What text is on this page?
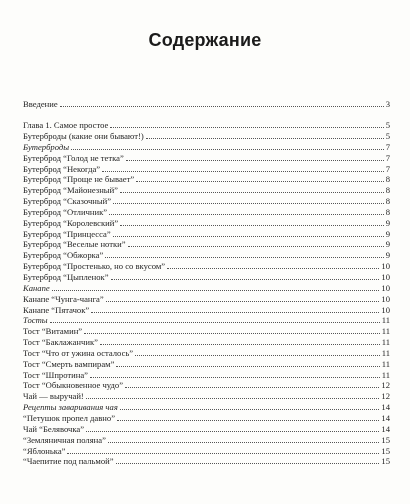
Содержание
Введение	3
Глава 1. Самое простое	5
Бутерброды (какие они бывают!)	5
Бутерброды	7
Бутерброд “Голод не тетка”	7
Бутерброд “Некогда”	7
Бутерброд “Проще не бывает”	8
Бутерброд “Майонезный”	8
Бутерброд “Сказочный”	8
Бутерброд “Отличник”	8
Бутерброд “Королевский”	9
Бутерброд “Принцесса”	9
Бутерброд “Веселые нотки”	9
Бутерброд “Обжорка”	9
Бутерброд “Простенько, но со вкусом”	10
Бутерброд “Цыпленок”	10
Канапе	10
Канапе “Чунга-чанга”	10
Канапе “Пятачок”	10
Тосты	11
Тост “Витамин”	11
Тост “Баклажанчик”	11
Тост “Что от ужина осталось”	11
Тост “Смерть вампирам”	11
Тост “Шпротина”	11
Тост “Обыкновенное чудо”	12
Чай — выручай!	12
Рецепты заваривания чая	14
“Петушок пропел давно”	14
Чай “Белявочка”	14
“Земляничная поляна”	15
“Яблонька”	15
“Чаепитие под пальмой”	15
